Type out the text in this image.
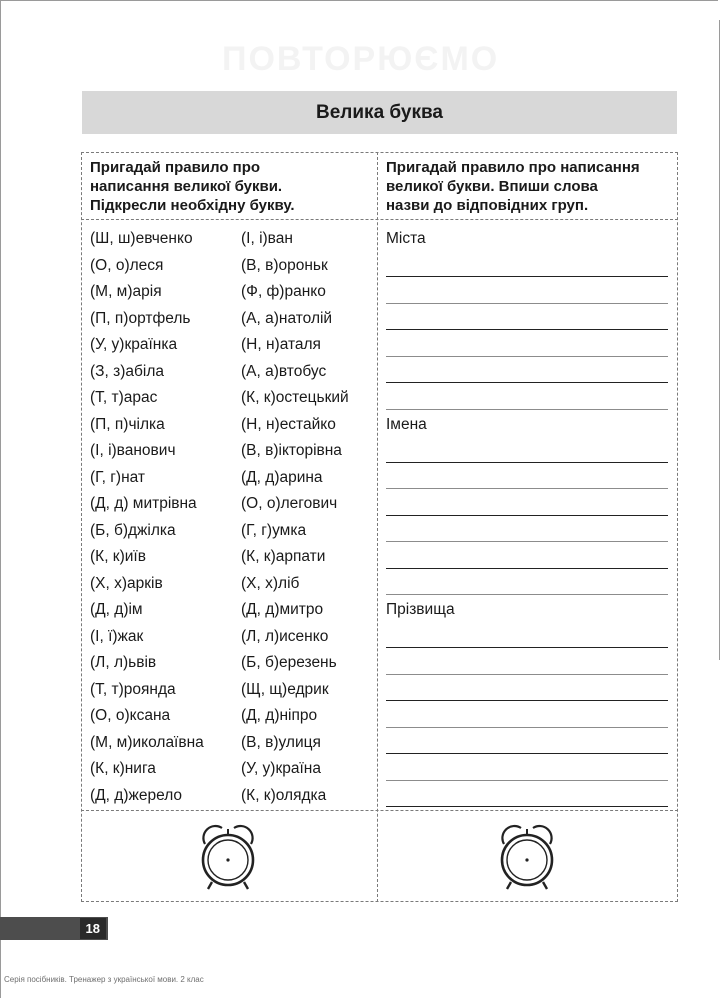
ПОВТОРЮЄМО
Велика буква
Пригадай правило про
написання великої букви.
Підкресли необхідну букву.
Пригадай правило про написання
великої букви. Впиши слова
назви до відповідних груп.
(Ш, ш)евченко
(О, о)леся
(М, м)арія
(П, п)ортфель
(У, у)країнка
(З, з)абіла
(Т, т)арас
(П, п)чілка
(І, і)ванович
(Г, г)нат
(Д, д) митрівна
(Б, б)джілка
(К, к)иїв
(Х, х)арків
(Д, д)ім
(І, ї)жак
(Л, л)ьвів
(Т, т)роянда
(О, о)ксана
(М, м)иколаївна
(К, к)нига
(Д, д)жерело
(І, і)ван
(В, в)ороньк
(Ф, ф)ранко
(А, а)натолій
(Н, н)аталя
(А, а)втобус
(К, к)остецький
(Н, н)естайко
(В, в)ікторівна
(Д, д)арина
(О, о)легович
(Г, г)умка
(К, к)арпати
(Х, х)ліб
(Д, д)митро
(Л, л)исенко
(Б, б)ерезень
(Щ, щ)едрик
(Д, д)ніпро
(В, в)улиця
(У, у)країна
(К, к)олядка
Міста
Імена
Прізвища
18
Серія посібників. Тренажер з української мови. 2 клас
